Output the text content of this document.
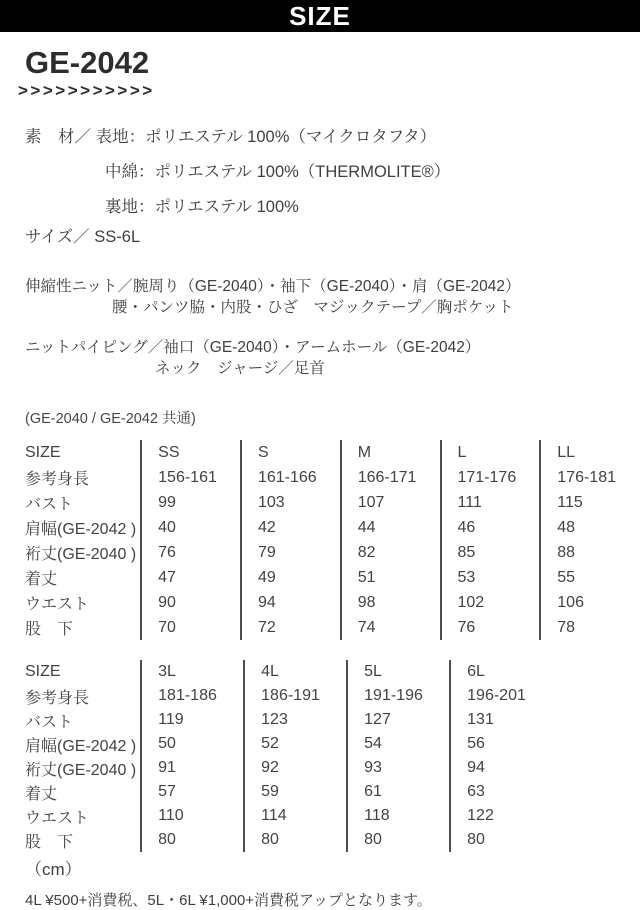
SIZE
GE-2042
>>>>>>>>>>>
素　材／ 表地：ポリエステル 100%（マイクロタフタ）
中綿：ポリエステル 100%（THERMOLITE®）
裏地：ポリエステル 100%
サイズ／ SS-6L
伸縮性ニット／腕周り（GE-2040）・袖下（GE-2040）・肩（GE-2042）
腰・パンツ脇・内股・ひざ　マジックテープ／胸ポケット
ニットパイピング／袖口（GE-2040）・アームホール（GE-2042）
ネック　ジャージ／足首
(GE-2040 / GE-2042 共通)
SIZE	SS	S	M	L	LL
参考身長	156-161	161-166	166-171	171-176	176-181
バスト	99	103	107	111	115
肩幅(GE-2042 )	40	42	44	46	48
裄丈(GE-2040 )	76	79	82	85	88
着丈	47	49	51	53	55
ウエスト	90	94	98	102	106
股　下	70	72	74	76	78
SIZE	3L	4L	5L	6L
参考身長	181-186	186-191	191-196	196-201
バスト	119	123	127	131
肩幅(GE-2042 )	50	52	54	56
裄丈(GE-2040 )	91	92	93	94
着丈	57	59	61	63
ウエスト	110	114	118	122
股　下	80	80	80	80
（cm）
4L ¥500+消費税、5L・6L ¥1,000+消費税アップとなります。
